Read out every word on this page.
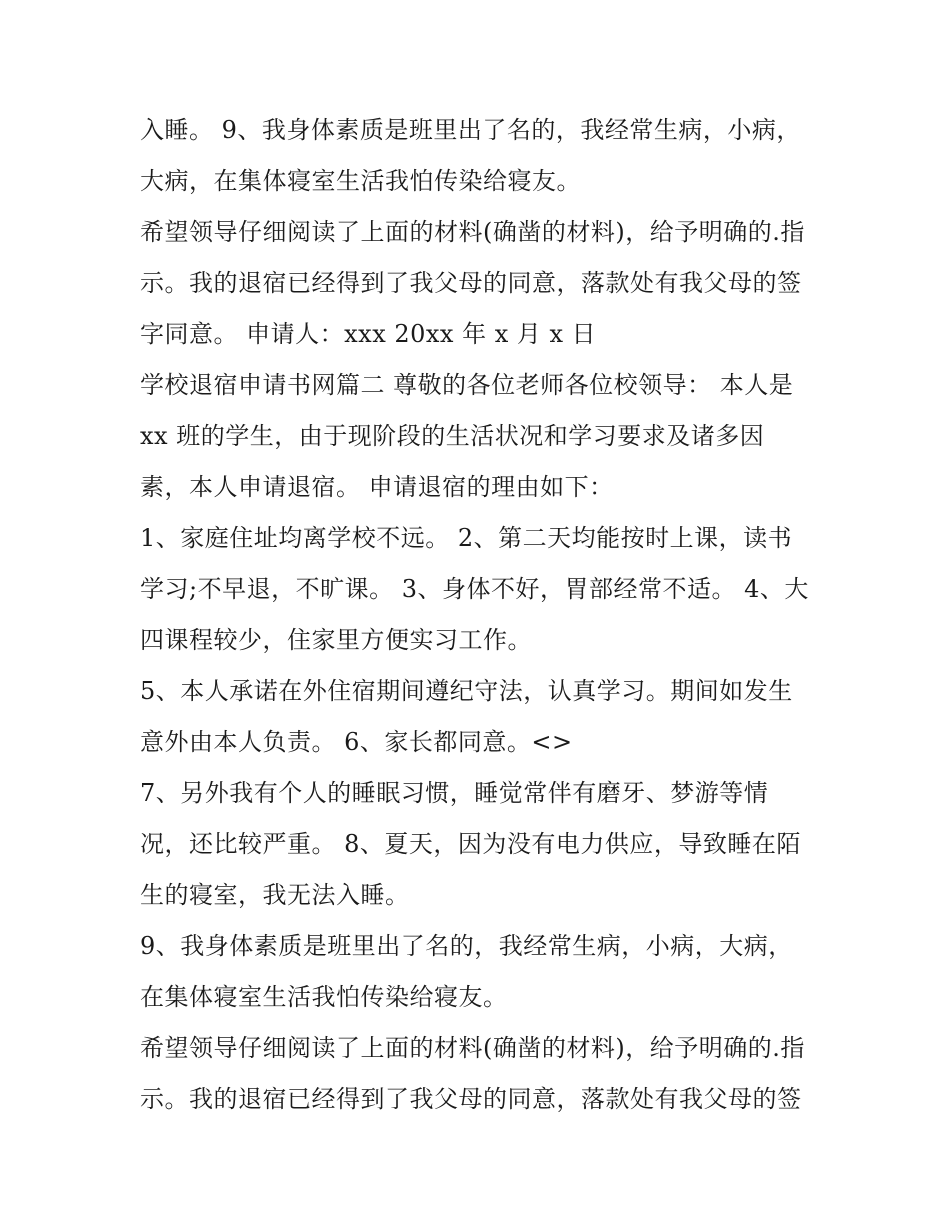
入睡。 9、我身体素质是班里出了名的，我经常生病，小病，
大病，在集体寝室生活我怕传染给寝友。
希望领导仔细阅读了上面的材料(确凿的材料)，给予明确的.指
示。我的退宿已经得到了我父母的同意，落款处有我父母的签
字同意。 申请人：xxx 20xx 年 x 月 x 日
学校退宿申请书网篇二 尊敬的各位老师各位校领导： 本人是
xx 班的学生，由于现阶段的生活状况和学习要求及诸多因
素，本人申请退宿。 申请退宿的理由如下：
1、家庭住址均离学校不远。 2、第二天均能按时上课，读书
学习;不早退，不旷课。 3、身体不好，胃部经常不适。 4、大
四课程较少，住家里方便实习工作。
5、本人承诺在外住宿期间遵纪守法，认真学习。期间如发生
意外由本人负责。 6、家长都同意。<>
7、另外我有个人的睡眠习惯，睡觉常伴有磨牙、梦游等情
况，还比较严重。 8、夏天，因为没有电力供应，导致睡在陌
生的寝室，我无法入睡。
9、我身体素质是班里出了名的，我经常生病，小病，大病，
在集体寝室生活我怕传染给寝友。
希望领导仔细阅读了上面的材料(确凿的材料)，给予明确的.指
示。我的退宿已经得到了我父母的同意，落款处有我父母的签
